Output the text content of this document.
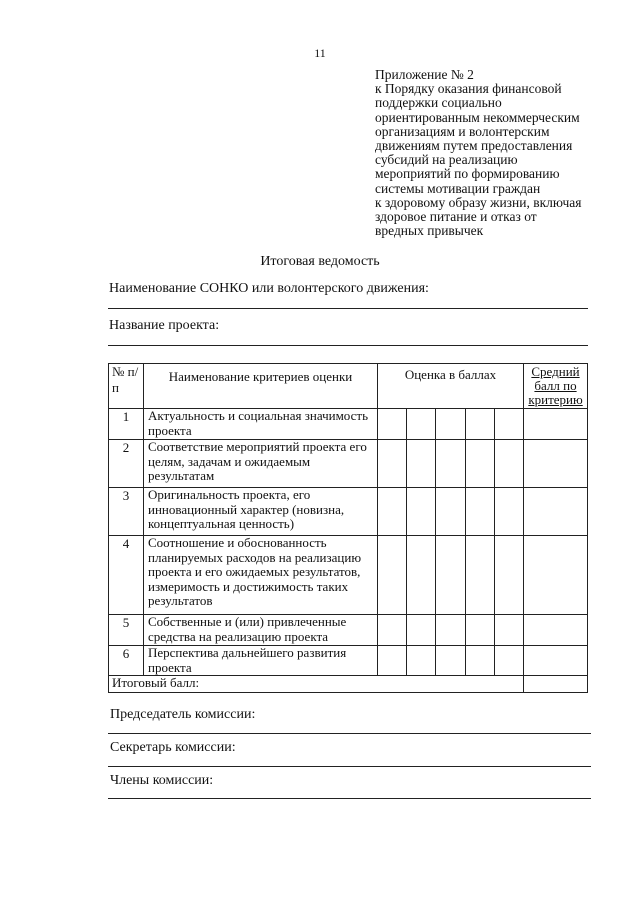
11
Приложение № 2
к Порядку оказания финансовой
поддержки социально
ориентированным некоммерческим
организациям и волонтерским
движениям путем предоставления
субсидий на реализацию
мероприятий по формированию
системы мотивации граждан
к здоровому образу жизни, включая
здоровое питание и отказ от
вредных привычек
Итоговая ведомость
Наименование СОНКО или волонтерского движения:
Название проекта:
№ п/п	Наименование критериев оценки	Оценка в баллах					Средний балл по критерию
1	Актуальность и социальная значимость проекта						
2	Соответствие мероприятий проекта его целям, задачам и ожидаемым результатам						
3	Оригинальность проекта, его инновационный характер (новизна, концептуальная ценность)						
4	Соотношение и обоснованность планируемых расходов на реализацию проекта и его ожидаемых результатов, измеримость и достижимость таких результатов						
5	Собственные и (или) привлеченные средства на реализацию проекта						
6	Перспектива дальнейшего развития проекта						
Итоговый балл:							
Председатель комиссии:
Секретарь комиссии:
Члены комиссии:
